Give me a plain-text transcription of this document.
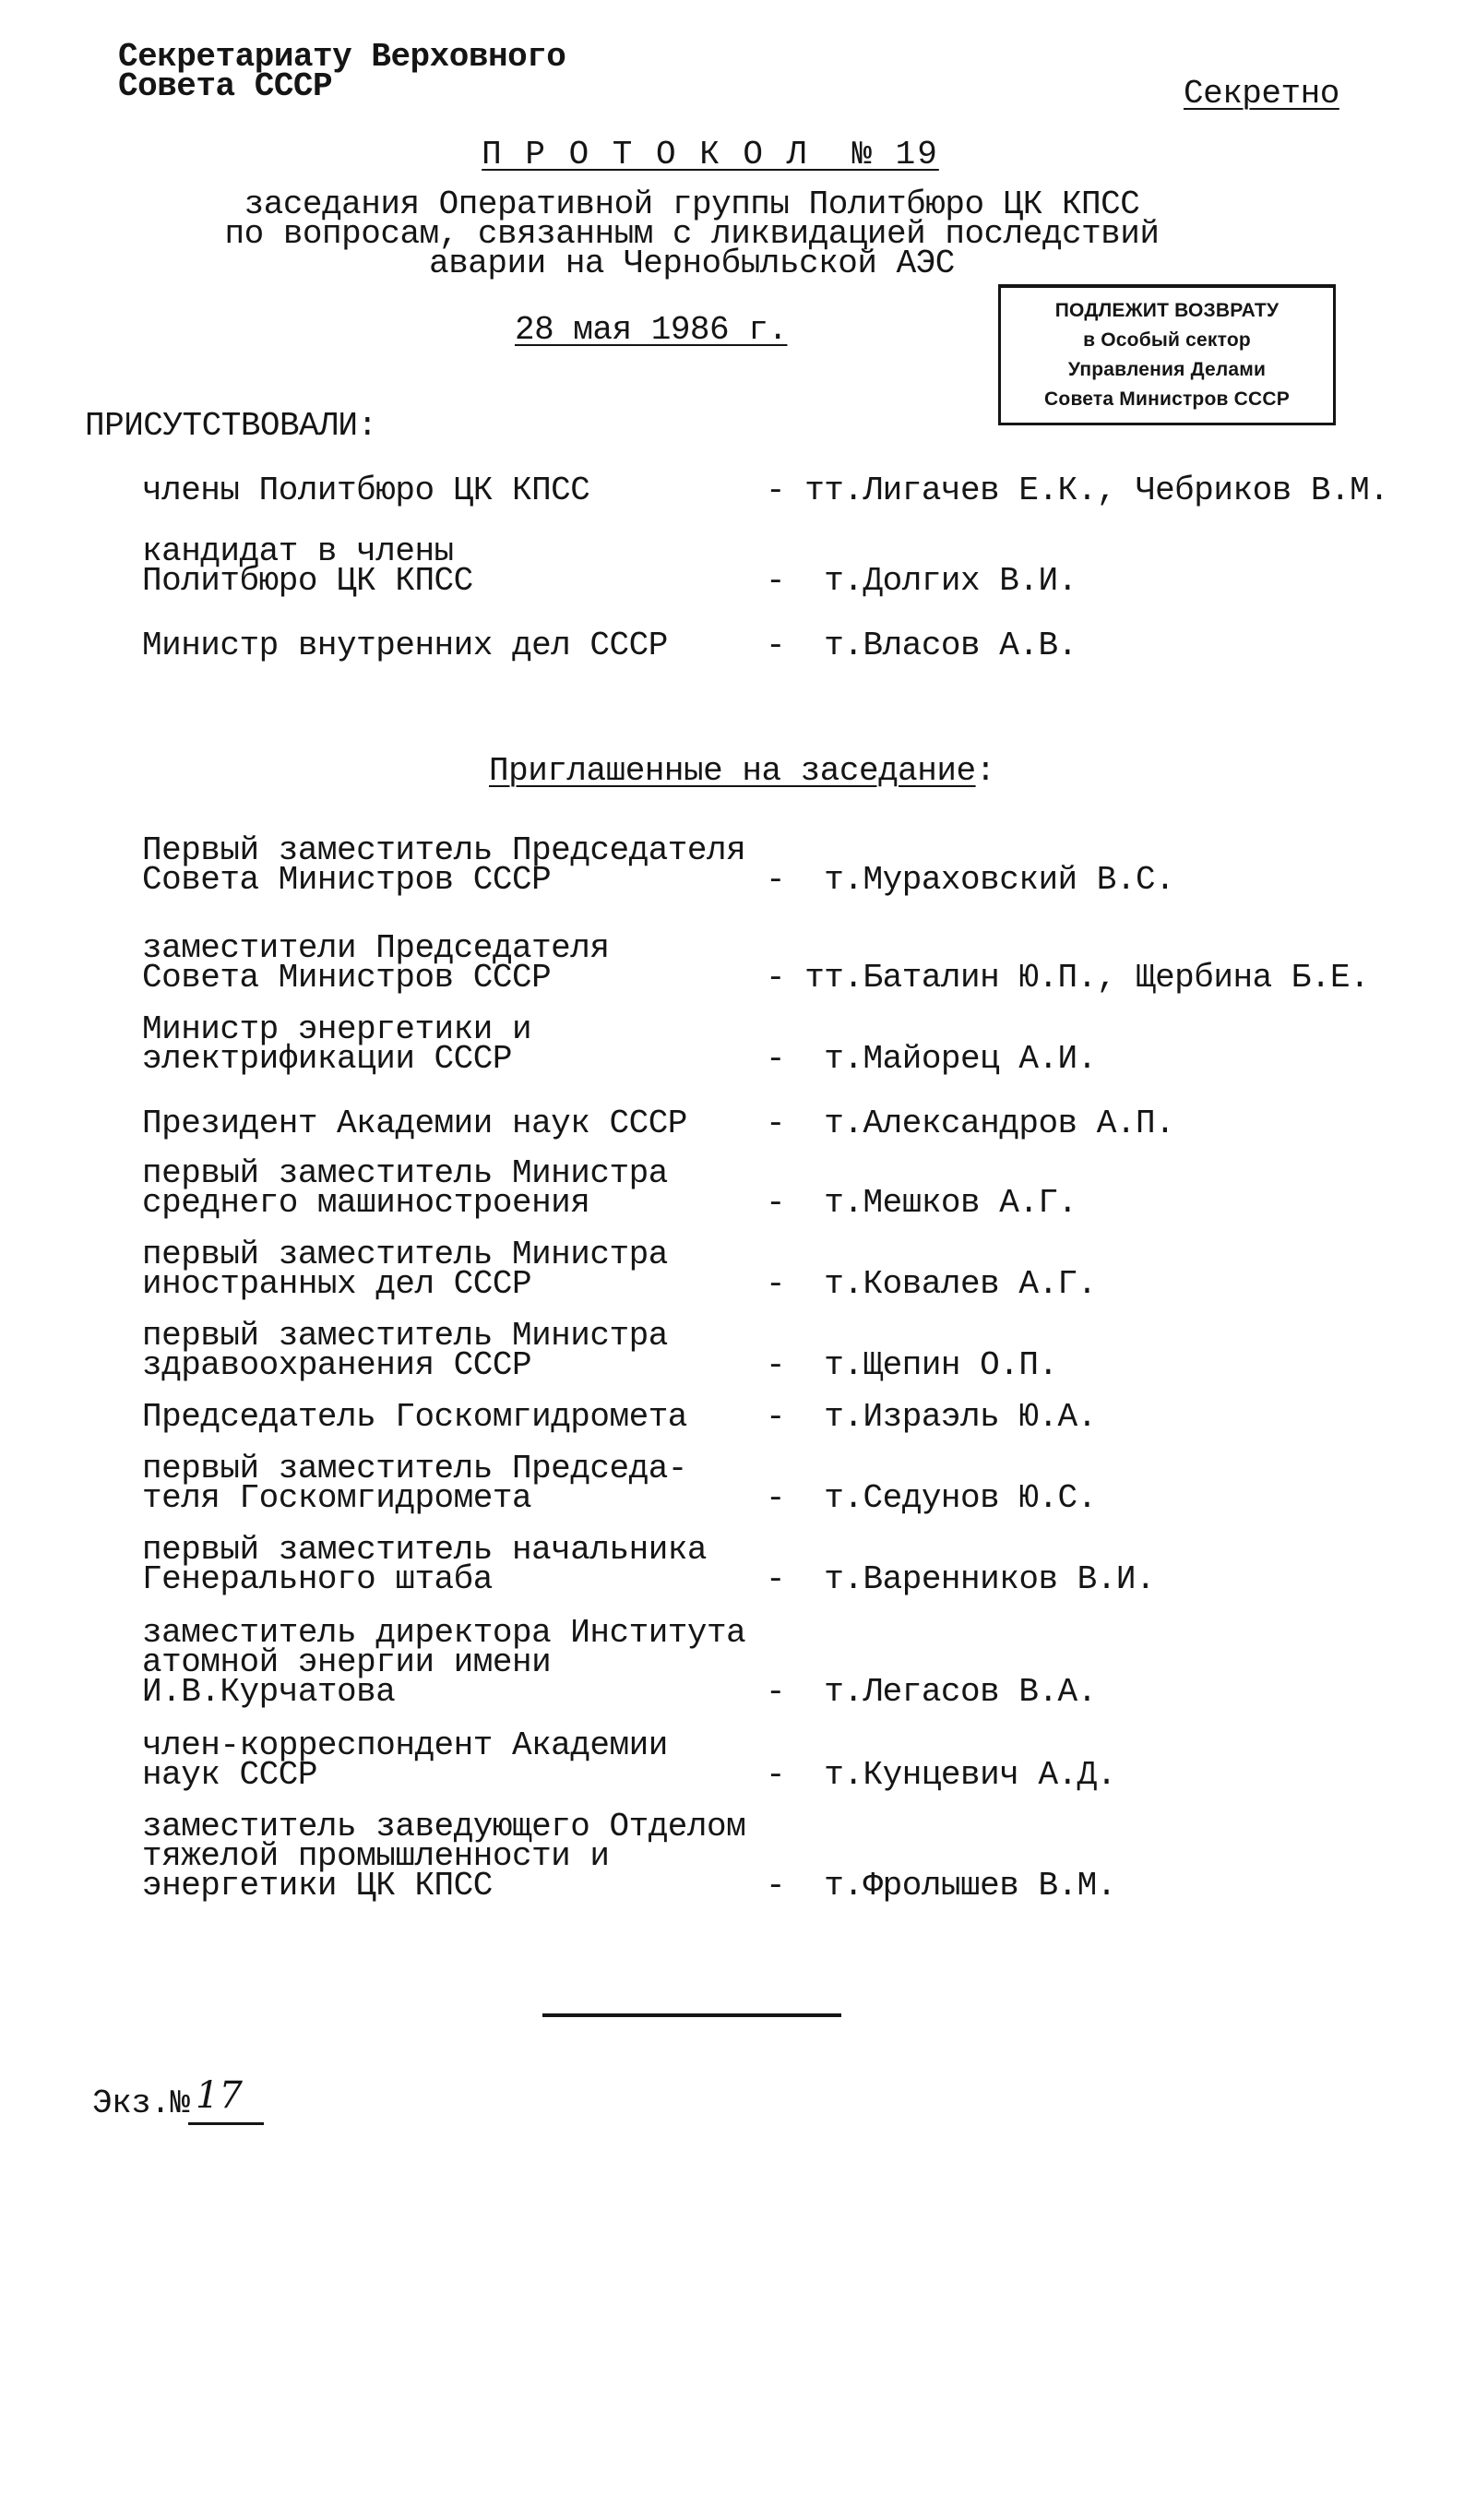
Секретариату Верховного
Совета СССР	Секретно
П Р О Т О К О Л  № 19
заседания Оперативной группы Политбюро ЦК КПСС
по вопросам, связанным с ликвидацией последствий
аварии на Чернобыльской АЭС
28 мая 1986 г.
ПОДЛЕЖИТ ВОЗВРАТУ
в Особый сектор
Управления Делами
Совета Министров СССР
ПРИСУТСТВОВАЛИ:
члены Политбюро ЦК КПСС	- тт.Лигачев Е.К., Чебриков В.М.
кандидат в члены
Политбюро ЦК КПСС	-  т.Долгих В.И.
Министр внутренних дел СССР	-  т.Власов А.В.
Приглашенные на заседание:
Первый заместитель Председателя
Совета Министров СССР	-  т.Мураховский В.С.
заместители Председателя
Совета Министров СССР	- тт.Баталин Ю.П., Щербина Б.Е.
Министр энергетики и
электрификации СССР	-  т.Майорец А.И.
Президент Академии наук СССР -  т.Александров А.П.
первый заместитель Министра
среднего машиностроения	-  т.Мешков А.Г.
первый заместитель Министра
иностранных дел СССР	-  т.Ковалев А.Г.
первый заместитель Министра
здравоохранения СССР	-  т.Щепин О.П.
Председатель Госкомгидромета -  т.Израэль Ю.А.
первый заместитель Председа-
теля Госкомгидромета	-  т.Седунов Ю.С.
первый заместитель начальника
Генерального штаба	-  т.Варенников В.И.
заместитель директора Института
атомной энергии имени
И.В.Курчатова	-  т.Легасов В.А.
член-корреспондент Академии
наук СССР	-  т.Кунцевич А.Д.
заместитель заведующего Отделом
тяжелой промышленности и
энергетики ЦК КПСС	-  т.Фролышев В.М.
Экз.№ 17
